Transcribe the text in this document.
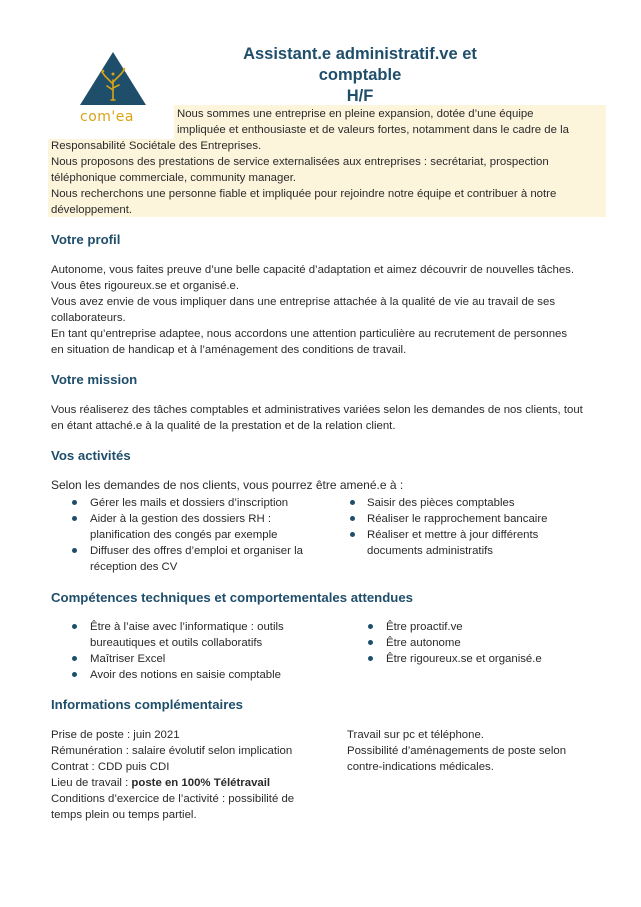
com'ea
Assistant.e administratif.ve et comptable
H/F
Nous sommes une entreprise en pleine expansion, dotée d’une équipe
impliquée et enthousiaste et de valeurs fortes, notamment dans le cadre de la
Responsabilité Sociétale des Entreprises.
Nous proposons des prestations de service externalisées aux entreprises : secrétariat, prospection
téléphonique commerciale, community manager.
Nous recherchons une personne fiable et impliquée pour rejoindre notre équipe et contribuer à notre
développement.
Votre profil
Autonome, vous faites preuve d’une belle capacité d’adaptation et aimez découvrir de nouvelles tâches.
Vous êtes rigoureux.se et organisé.e.
Vous avez envie de vous impliquer dans une entreprise attachée à la qualité de vie au travail de ses
collaborateurs.
En tant qu’entreprise adaptee, nous accordons une attention particulière au recrutement de personnes
en situation de handicap et à l’aménagement des conditions de travail.
Votre mission
Vous réaliserez des tâches comptables et administratives variées selon les demandes de nos clients, tout
en étant attaché.e à la qualité de la prestation et de la relation client.
Vos activités
Selon les demandes de nos clients, vous pourrez être amené.e à :
Gérer les mails et dossiers d’inscription
Aider à la gestion des dossiers RH :
planification des congés par exemple
Diffuser des offres d’emploi et organiser la
réception des CV
Saisir des pièces comptables
Réaliser le rapprochement bancaire
Réaliser et mettre à jour différents
documents administratifs
Compétences techniques et comportementales attendues
Être à l’aise avec l’informatique : outils
bureautiques et outils collaboratifs
Maîtriser Excel
Avoir des notions en saisie comptable
Être proactif.ve
Être autonome
Être rigoureux.se et organisé.e
Informations complémentaires
Prise de poste : juin 2021
Rémunération : salaire évolutif selon implication
Contrat : CDD puis CDI
Lieu de travail : poste en 100% Télétravail
Conditions d’exercice de l’activité : possibilité de
temps plein ou temps partiel.
Travail sur pc et téléphone.
Possibilité d’aménagements de poste selon
contre-indications médicales.
